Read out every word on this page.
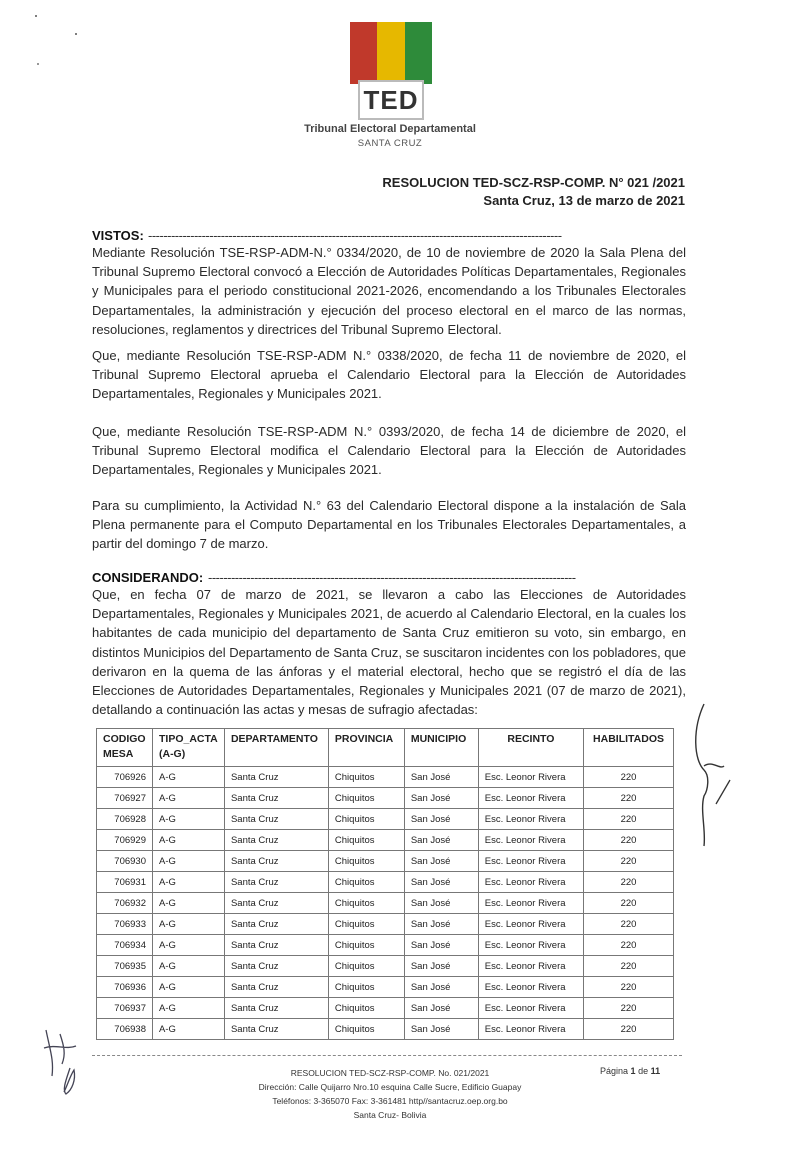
TED
Tribunal Electoral Departamental
SANTA CRUZ
RESOLUCION TED-SCZ-RSP-COMP. N° 021 /2021
Santa Cruz, 13 de marzo de 2021
VISTOS: ------------------------------------------------------------------------------------------------------------
Mediante Resolución TSE-RSP-ADM-N.° 0334/2020, de 10 de noviembre de 2020 la Sala Plena del Tribunal Supremo Electoral convocó a Elección de Autoridades Políticas Departamentales, Regionales y Municipales para el periodo constitucional 2021-2026, encomendando a los Tribunales Electorales Departamentales, la administración y ejecución del proceso electoral en el marco de las normas, resoluciones, reglamentos y directrices del Tribunal Supremo Electoral.
Que, mediante Resolución TSE-RSP-ADM N.° 0338/2020, de fecha 11 de noviembre de 2020, el Tribunal Supremo Electoral aprueba el Calendario Electoral para la Elección de Autoridades Departamentales, Regionales y Municipales 2021.
Que, mediante Resolución TSE-RSP-ADM N.° 0393/2020, de fecha 14 de diciembre de 2020, el Tribunal Supremo Electoral modifica el Calendario Electoral para la Elección de Autoridades Departamentales, Regionales y Municipales 2021.
Para su cumplimiento, la Actividad N.° 63 del Calendario Electoral dispone a la instalación de Sala Plena permanente para el Computo Departamental en los Tribunales Electorales Departamentales, a partir del domingo 7 de marzo.
CONSIDERANDO: ------------------------------------------------------------------------------------------------
Que, en fecha 07 de marzo de 2021, se llevaron a cabo las Elecciones de Autoridades Departamentales, Regionales y Municipales 2021, de acuerdo al Calendario Electoral, en la cuales los habitantes de cada municipio del departamento de Santa Cruz emitieron su voto, sin embargo, en distintos Municipios del Departamento de Santa Cruz, se suscitaron incidentes con los pobladores, que derivaron en la quema de las ánforas y el material electoral, hecho que se registró el día de las Elecciones de Autoridades Departamentales, Regionales y Municipales 2021 (07 de marzo de 2021), detallando a continuación las actas y mesas de sufragio afectadas:
CODIGO MESA	TIPO_ACTA (A-G)	DEPARTAMENTO	PROVINCIA	MUNICIPIO	RECINTO	HABILITADOS
706926	A-G	Santa Cruz	Chiquitos	San José	Esc. Leonor Rivera	220
706927	A-G	Santa Cruz	Chiquitos	San José	Esc. Leonor Rivera	220
706928	A-G	Santa Cruz	Chiquitos	San José	Esc. Leonor Rivera	220
706929	A-G	Santa Cruz	Chiquitos	San José	Esc. Leonor Rivera	220
706930	A-G	Santa Cruz	Chiquitos	San José	Esc. Leonor Rivera	220
706931	A-G	Santa Cruz	Chiquitos	San José	Esc. Leonor Rivera	220
706932	A-G	Santa Cruz	Chiquitos	San José	Esc. Leonor Rivera	220
706933	A-G	Santa Cruz	Chiquitos	San José	Esc. Leonor Rivera	220
706934	A-G	Santa Cruz	Chiquitos	San José	Esc. Leonor Rivera	220
706935	A-G	Santa Cruz	Chiquitos	San José	Esc. Leonor Rivera	220
706936	A-G	Santa Cruz	Chiquitos	San José	Esc. Leonor Rivera	220
706937	A-G	Santa Cruz	Chiquitos	San José	Esc. Leonor Rivera	220
706938	A-G	Santa Cruz	Chiquitos	San José	Esc. Leonor Rivera	220
RESOLUCION TED-SCZ-RSP-COMP. No. 021/2021
Dirección: Calle Quijarro Nro.10 esquina Calle Sucre, Edificio Guapay
Teléfonos: 3-365070 Fax: 3-361481 http//santacruz.oep.org.bo
Santa Cruz- Bolivia
Página 1 de 11
